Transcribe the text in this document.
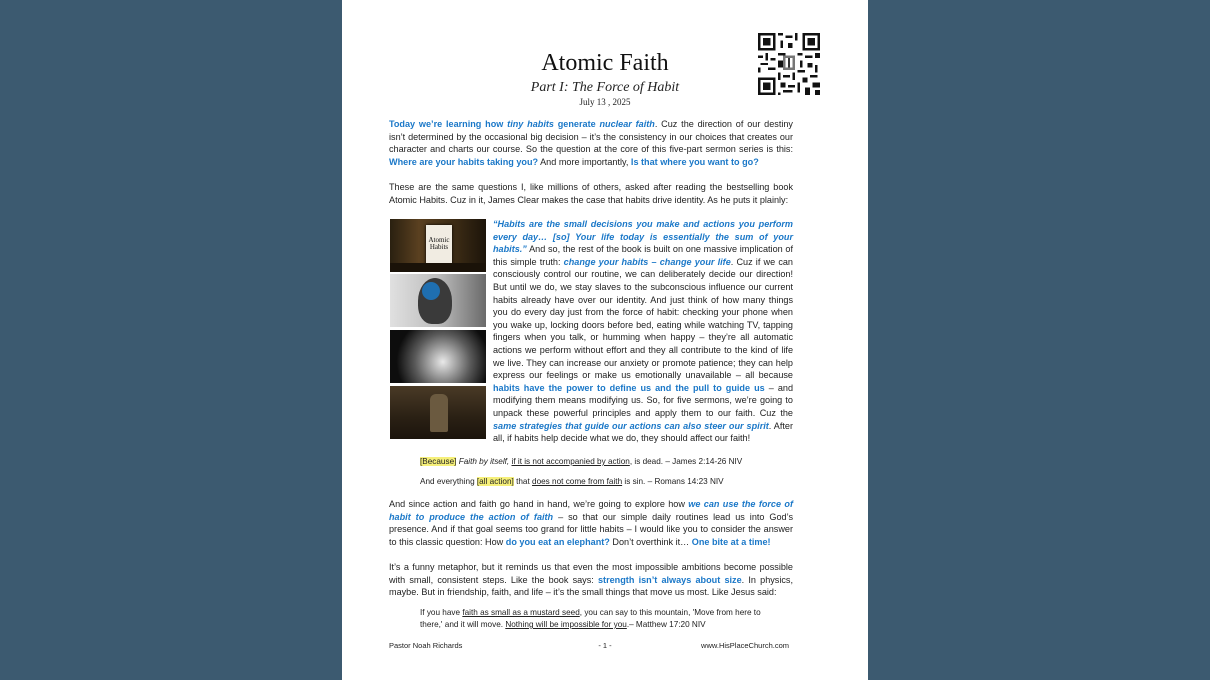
Atomic Faith
Part I: The Force of Habit
July 13 , 2025
Today we’re learning how tiny habits generate nuclear faith. Cuz the direction of our destiny isn’t determined by the occasional big decision – it’s the consistency in our choices that creates our character and charts our course. So the question at the core of this five-part sermon series is this: Where are your habits taking you? And more importantly, Is that where you want to go?
These are the same questions I, like millions of others, asked after reading the bestselling book Atomic Habits. Cuz in it, James Clear makes the case that habits drive identity. As he puts it plainly:
Atomic Habits
“Habits are the small decisions you make and actions you perform every day… [so] Your life today is essentially the sum of your habits.” And so, the rest of the book is built on one massive implication of this simple truth: change your habits – change your life. Cuz if we can consciously control our routine, we can deliberately decide our direction! But until we do, we stay slaves to the subconscious influence our current habits already have over our identity. And just think of how many things you do every day just from the force of habit: checking your phone when you wake up, locking doors before bed, eating while watching TV, tapping fingers when you talk, or humming when happy – they’re all automatic actions we perform without effort and they all contribute to the kind of life we live. They can increase our anxiety or promote patience; they can help express our feelings or make us emotionally unavailable – all because habits have the power to define us and the pull to guide us – and modifying them means modifying us. So, for five sermons, we’re going to unpack these powerful principles and apply them to our faith. Cuz the same strategies that guide our actions can also steer our spirit. After all, if habits help decide what we do, they should affect our faith!
[Because] Faith by itself, if it is not accompanied by action, is dead. – James 2:14-26 NIV
And everything [all action] that does not come from faith is sin. – Romans 14:23 NIV
And since action and faith go hand in hand, we’re going to explore how we can use the force of habit to produce the action of faith – so that our simple daily routines lead us into God’s presence. And if that goal seems too grand for little habits – I would like you to consider the answer to this classic question: How do you eat an elephant? Don’t overthink it… One bite at a time!
It’s a funny metaphor, but it reminds us that even the most impossible ambitions become possible with small, consistent steps. Like the book says: strength isn’t always about size. In physics, maybe. But in friendship, faith, and life – it’s the small things that move us most. Like Jesus said:
If you have faith as small as a mustard seed, you can say to this mountain, 'Move from here to there,' and it will move. Nothing will be impossible for you.– Matthew 17:20 NIV
Pastor Noah Richards	- 1 -	www.HisPlaceChurch.com
